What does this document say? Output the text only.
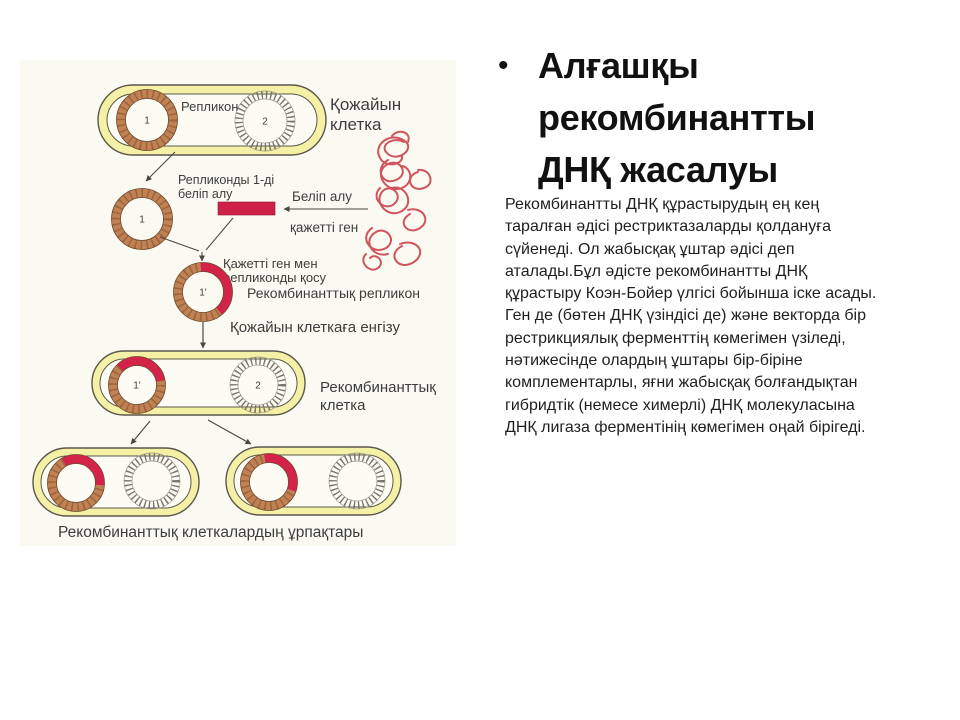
1	2
Репликон	Қожайын
клетка
Репликонды 1-ді
беліп алу
1
Беліп алу
қажетті ген
Қажетті ген мен
репликонды қосу
1'	Рекомбинанттық репликон
Қожайын клеткаға енгізу
1'	2	Рекомбинанттық
клетка
Рекомбинанттық клеткалардың ұрпақтары
• Алғашқы
рекомбинантты
ДНҚ жасалуы
Рекомбинантты ДНҚ құрастырудың ең кең
таралған әдісі рестриктазаларды қолдануға
сүйенеді. Ол жабысқақ ұштар әдісі деп
аталады.Бұл әдісте рекомбинантты ДНҚ
құрастыру Коэн-Бойер үлгісі бойынша іске асады.
Ген де (бөтен ДНҚ үзіндісі де) және векторда бір
рестрикциялық ферменттің көмегімен үзіледі,
нәтижесінде олардың ұштары бір-біріне
комплементарлы, яғни жабысқақ болғандықтан
гибридтік (немесе химерлі) ДНҚ молекуласына
ДНҚ лигаза ферментінің көмегімен оңай бірігеді.
